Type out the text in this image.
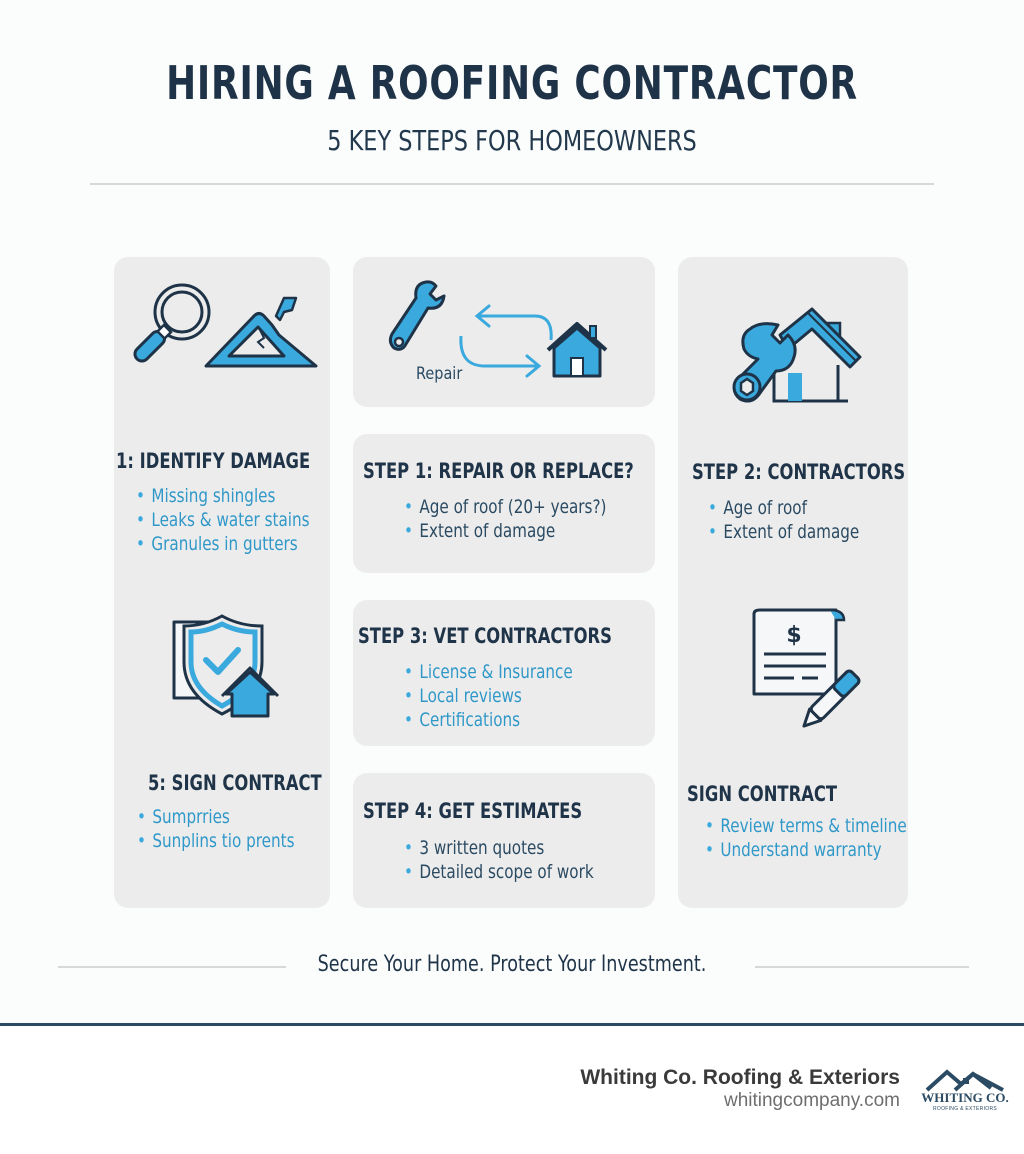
HIRING A ROOFING CONTRACTOR
5 KEY STEPS FOR HOMEOWNERS
1: IDENTIFY DAMAGE
• Missing shingles
• Leaks & water stains
• Granules in gutters
5: SIGN CONTRACT
• Sumprries
• Sunplins tio prents
Repair
STEP 1: REPAIR OR REPLACE?
• Age of roof (20+ years?)
• Extent of damage
STEP 3: VET CONTRACTORS
• License & Insurance
• Local reviews
• Certifications
STEP 4: GET ESTIMATES
• 3 written quotes
• Detailed scope of work
STEP 2: CONTRACTORS
• Age of roof
• Extent of damage
$
SIGN CONTRACT
• Review terms & timeline
• Understand warranty
Secure Your Home. Protect Your Investment.
Whiting Co. Roofing & Exteriors
whitingcompany.com WHITING CO.
ROOFING & EXTERIORS
